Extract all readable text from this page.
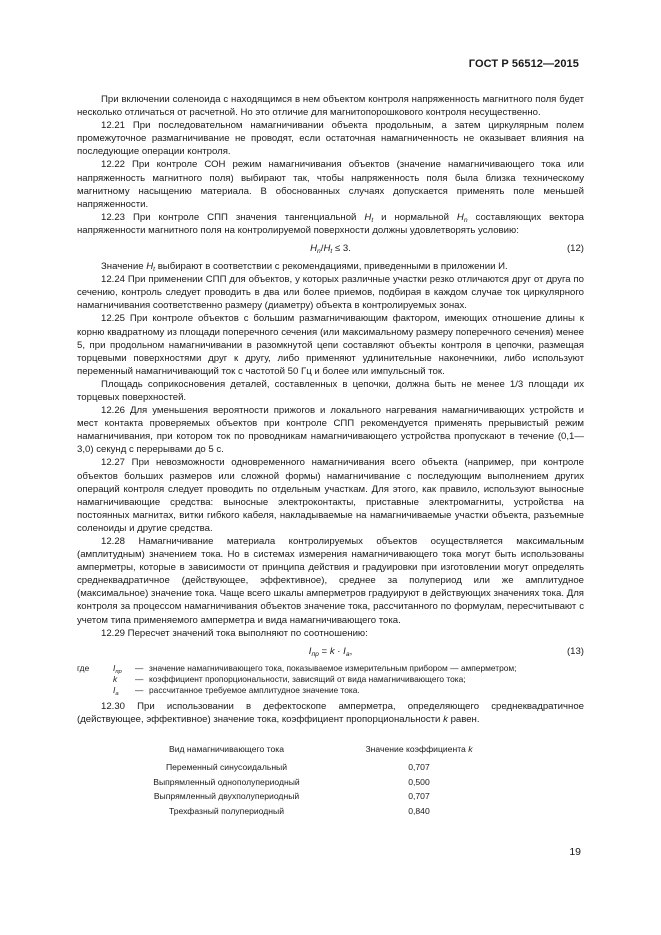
ГОСТ Р 56512—2015

При включении соленоида с находящимся в нем объектом контроля напряженность магнитного поля будет несколько отличаться от расчетной. Но это отличие для магнитопорошкового контроля несущественно.

12.21 При последовательном намагничивании объекта продольным, а затем циркулярным полем промежуточное размагничивание не проводят, если остаточная намагниченность не оказывает влияния на последующие операции контроля.

12.22 При контроле СОН режим намагничивания объектов (значение намагничивающего тока или напряженность магнитного поля) выбирают так, чтобы напряженность поля была близка техническому магнитному насыщению материала. В обоснованных случаях допускается применять поле меньшей напряженности.

12.23 При контроле СПП значения тангенциальной $H_t$ и нормальной $H_n$ составляющих вектора напряженности магнитного поля на контролируемой поверхности должны удовлетворять условию:

$H_n/H_t \le 3$.	(12)

Значение $H_t$ выбирают в соответствии с рекомендациями, приведенными в приложении И.

12.24 При применении СПП для объектов, у которых различные участки резко отличаются друг от друга по сечению, контроль следует проводить в два или более приемов, подбирая в каждом случае ток циркулярного намагничивания соответственно размеру (диаметру) объекта в контролируемых зонах.

12.25 При контроле объектов с большим размагничивающим фактором, имеющих отношение длины к корню квадратному из площади поперечного сечения (или максимальному размеру поперечного сечения) менее 5, при продольном намагничивании в разомкнутой цепи составляют объекты контроля в цепочки, размещая торцевыми поверхностями друг к другу, либо применяют удлинительные наконечники, либо используют переменный намагничивающий ток с частотой 50 Гц и более или импульсный ток.

Площадь соприкосновения деталей, составленных в цепочки, должна быть не менее 1/3 площади их торцевых поверхностей.

12.26 Для уменьшения вероятности прижогов и локального нагревания намагничивающих устройств и мест контакта проверяемых объектов при контроле СПП рекомендуется применять прерывистый режим намагничивания, при котором ток по проводникам намагничивающего устройства пропускают в течение (0,1—3,0) секунд с перерывами до 5 с.

12.27 При невозможности одновременного намагничивания всего объекта (например, при контроле объектов больших размеров или сложной формы) намагничивание с последующим выполнением других операций контроля следует проводить по отдельным участкам. Для этого, как правило, используют выносные намагничивающие средства: выносные электроконтакты, приставные электромагниты, устройства на постоянных магнитах, витки гибкого кабеля, накладываемые на намагничиваемые участки объекта, разъемные соленоиды и другие средства.

12.28 Намагничивание материала контролируемых объектов осуществляется максимальным (амплитудным) значением тока. Но в системах измерения намагничивающего тока могут быть использованы амперметры, которые в зависимости от принципа действия и градуировки при изготовлении могут определять среднеквадратичное (действующее, эффективное), среднее за полупериод или же амплитудное (максимальное) значение тока. Чаще всего шкалы амперметров градуируют в действующих значениях тока. Для контроля за процессом намагничивания объектов значение тока, рассчитанного по формулам, пересчитывают с учетом типа применяемого амперметра и вида намагничивающего тока.

12.29 Пересчет значений тока выполняют по соотношению:

$I_{пр} = k \cdot I_a$,	(13)
где	$I_{пр}$	— значение намагничивающего тока, показываемое измерительным прибором — амперметром;
k	— коэффициент пропорциональности, зависящий от вида намагничивающего тока;
$I_а$	— рассчитанное требуемое амплитудное значение тока.

12.30 При использовании в дефектоскопе амперметра, определяющего среднеквадратичное (действующее, эффективное) значение тока, коэффициент пропорциональности k равен.

Вид намагничивающего тока	Значение коэффициента k
Переменный синусоидальный	0,707
Выпрямленный однополупериодный	0,500
Выпрямленный двухполупериодный	0,707
Трехфазный полупериодный	0,840
19
